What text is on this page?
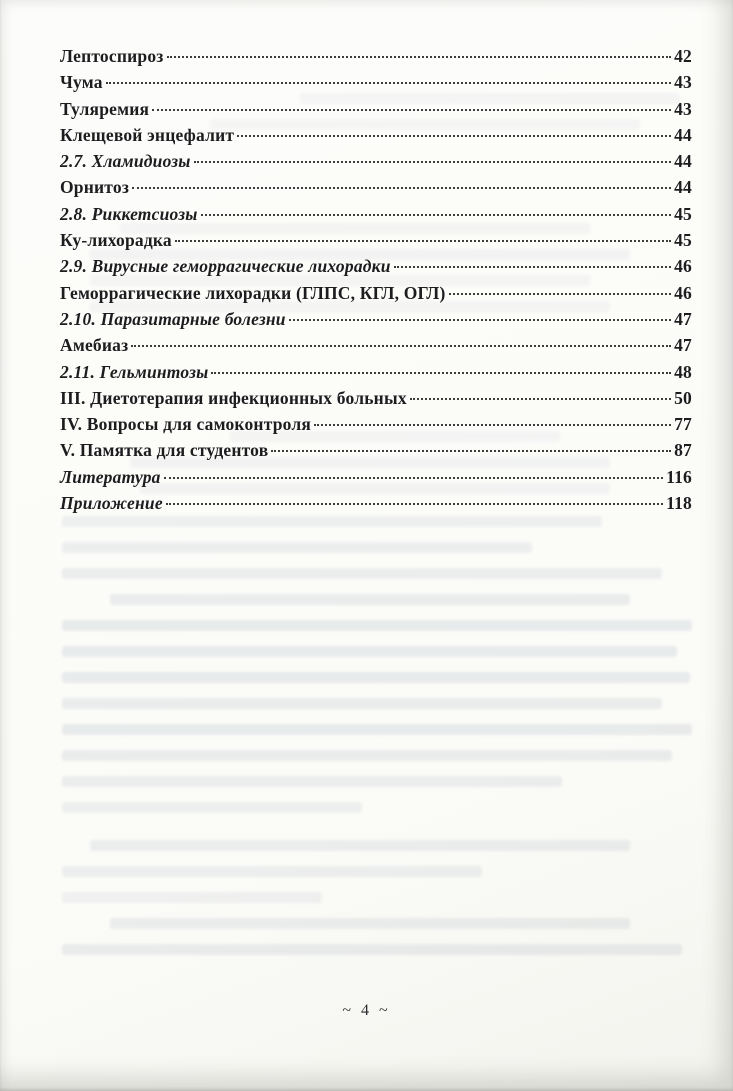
Лептоспироз	42
Чума	43
Туляремия	43
Клещевой энцефалит	44
2.7. Хламидиозы	44
Орнитоз	44
2.8. Риккетсиозы	45
Ку-лихорадка	45
2.9. Вирусные геморрагические лихорадки	46
Геморрагические лихорадки (ГЛПС, КГЛ, ОГЛ)	46
2.10. Паразитарные болезни	47
Амебиаз	47
2.11. Гельминтозы	48
III. Диетотерапия инфекционных больных	50
IV. Вопросы для самоконтроля	77
V. Памятка для студентов	87
Литература	116
Приложение	118
~ 4 ~
